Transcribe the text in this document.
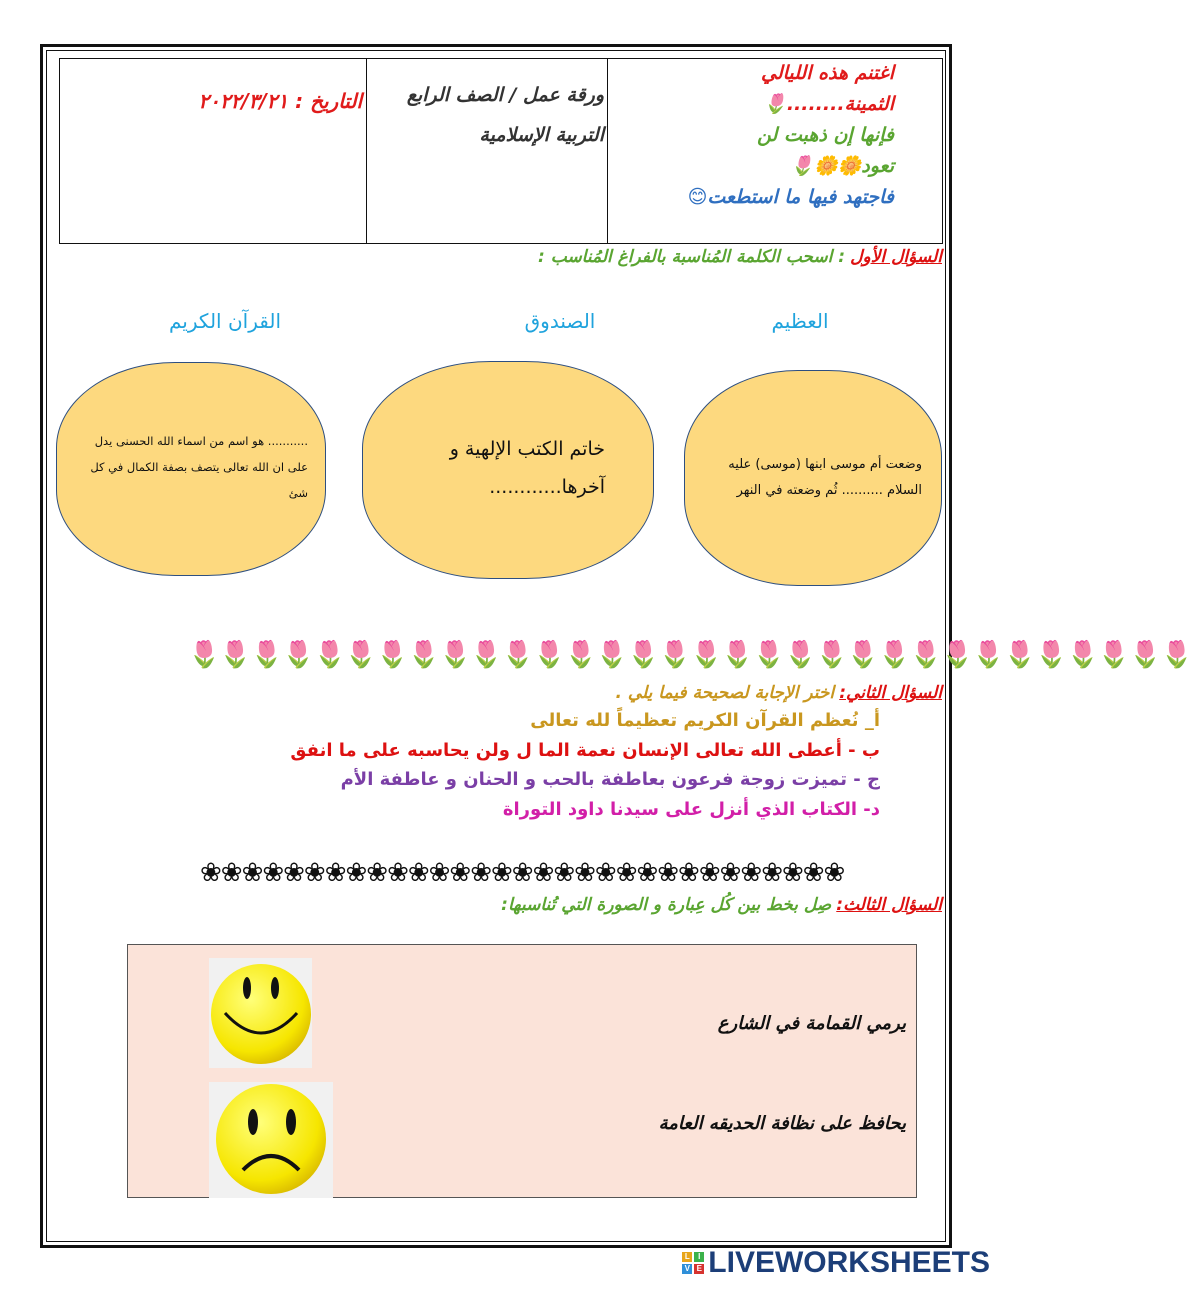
اغتنم هذه الليالي
الثمينة........🌷
فإنها إن ذهبت لن
تعود🌼🌼🌷
فاجتهد فيها ما استطعت😊
ورقة عمل / الصف الرابع
التربية الإسلامية
التاريخ : ٢٠٢٢/٣/٢١
السؤال الأول : اسحب الكلمة المُناسبة بالفراغ المُناسب :
العظيم
الصندوق
القرآن الكريم
وضعت أم موسى ابنها (موسى) عليه
السلام .......... ثُم وضعته في النهر
خاتم الكتب الإلهية و
آخرها............
........... هو اسم من اسماء الله الحسنى يدل
على ان الله تعالى يتصف بصفة الكمال في كل
شئ
🌷🌷🌷🌷🌷🌷🌷🌷🌷🌷🌷🌷🌷🌷🌷🌷🌷🌷🌷🌷🌷🌷🌷🌷🌷🌷🌷🌷🌷🌷🌷🌷
السؤال الثاني: اختر الإجابة لصحيحة فيما يلي .
أ_ نُعظم القرآن الكريم تعظيماً لله تعالى
ب - أعطى الله تعالى الإنسان نعمة الما ل ولن يحاسبه على ما انفق
ج - تميزت زوجة فرعون بعاطفة بالحب و الحنان و عاطفة الأم
د- الكتاب الذي أنزل على سيدنا داود التوراة
❀❀❀❀❀❀❀❀❀❀❀❀❀❀❀❀❀❀❀❀❀❀❀❀❀❀❀❀❀❀❀
السؤال الثالث: صِل بخط بين كُل عِبارة و الصورة التي تُناسبها:
يرمي القمامة في الشارع
يحافظ على نظافة الحديقه العامة
L	I
V E LIVEWORKSHEETS
